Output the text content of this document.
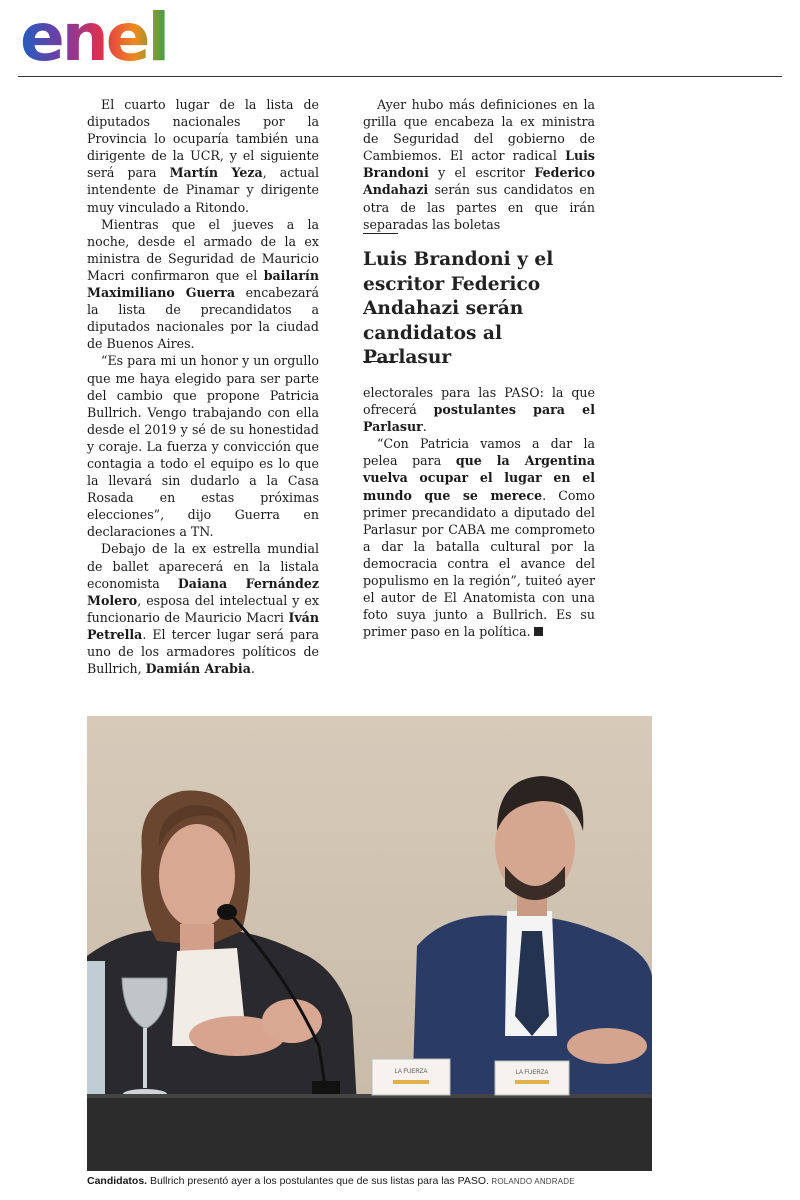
enel

El cuarto lugar de la lista de diputados nacionales por la Provincia lo ocuparía también una dirigente de la UCR, y el siguiente será para Martín Yeza, actual intendente de Pinamar y dirigente muy vinculado a Ritondo.

Mientras que el jueves a la noche, desde el armado de la ex ministra de Seguridad de Mauricio Macri confirmaron que el bailarín Maximiliano Guerra encabezará la lista de precandidatos a diputados nacionales por la ciudad de Buenos Aires.

“Es para mi un honor y un orgullo que me haya elegido para ser parte del cambio que propone Patricia Bullrich. Vengo trabajando con ella desde el 2019 y sé de su honestidad y coraje. La fuerza y convicción que contagia a todo el equipo es lo que la llevará sin dudarlo a la Casa Rosada en estas próximas elecciones”, dijo Guerra en declaraciones a TN.

Debajo de la ex estrella mundial de ballet aparecerá en la listala economista Daiana Fernández Molero, esposa del intelectual y ex funcionario de Mauricio Macri Iván Petrella. El tercer lugar será para uno de los armadores políticos de Bullrich, Damián Arabia.

Ayer hubo más definiciones en la grilla que encabeza la ex ministra de Seguridad del gobierno de Cambiemos. El actor radical Luis Brandoni y el escritor Federico Andahazi serán sus candidatos en otra de las partes en que irán separadas las boletas

Luis Brandoni y el escritor Federico Andahazi serán candidatos al Parlasur

electorales para las PASO: la que ofrecerá postulantes para el Parlasur.

“Con Patricia vamos a dar la pelea para que la Argentina vuelva ocupar el lugar en el mundo que se merece. Como primer precandidato a diputado del Parlasur por CABA me comprometo a dar la batalla cultural por la democracia contra el avance del populismo en la región”, tuiteó ayer el autor de El Anatomista con una foto suya junto a Bullrich. Es su primer paso en la política.

LA FUERZA	LA FUERZA
Candidatos. Bullrich presentó ayer a los postulantes que de sus listas para las PASO. ROLANDO ANDRADE
